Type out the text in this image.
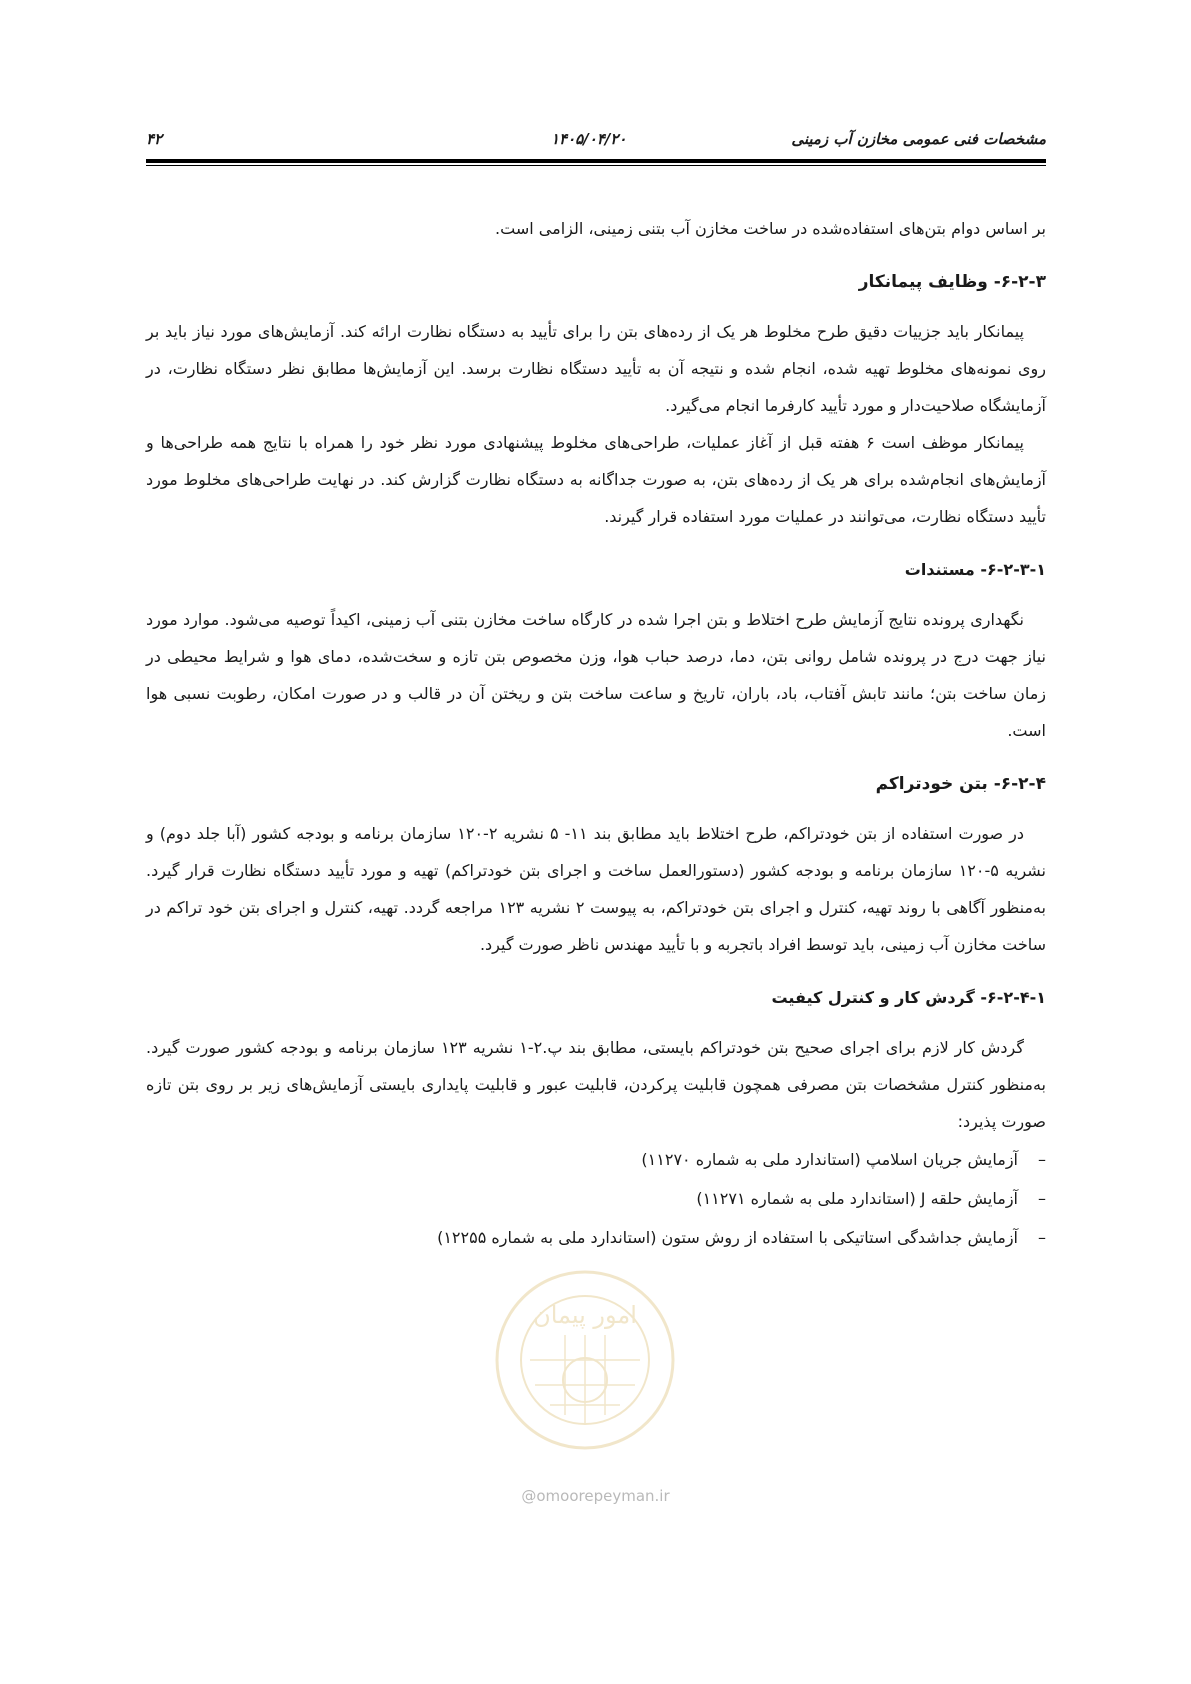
مشخصات فنی عمومی مخازن آب زمینی
۱۴۰۵/۰۴/۲۰
۴۲

بر اساس دوام بتن‌های استفاده‌شده در ساخت مخازن آب بتنی زمینی، الزامی است.

۶-۲-۳- وظایف پیمانکار

پیمانکار باید جزییات دقیق طرح مخلوط هر یک از رده‌های بتن را برای تأیید به دستگاه نظارت ارائه کند. آزمایش‌های مورد نیاز باید بر روی نمونه‌های مخلوط تهیه شده، انجام شده و نتیجه آن به تأیید دستگاه نظارت برسد. این آزمایش‌ها مطابق نظر دستگاه نظارت، در آزمایشگاه صلاحیت‌دار و مورد تأیید کارفرما انجام می‌گیرد.

پیمانکار موظف است ۶ هفته قبل از آغاز عملیات، طراحی‌های مخلوط پیشنهادی مورد نظر خود را همراه با نتایج همه طراحی‌ها و آزمایش‌های انجام‌شده برای هر یک از رده‌های بتن، به صورت جداگانه به دستگاه نظارت گزارش کند. در نهایت طراحی‌های مخلوط مورد تأیید دستگاه نظارت، می‌توانند در عملیات مورد استفاده قرار گیرند.

۶-۲-۳-۱- مستندات

نگهداری پرونده نتایج آزمایش طرح اختلاط و بتن اجرا شده در کارگاه ساخت مخازن بتنی آب زمینی، اکیداً توصیه می‌شود. موارد مورد نیاز جهت درج در پرونده شامل روانی بتن، دما، درصد حباب هوا، وزن مخصوص بتن تازه و سخت‌شده، دمای هوا و شرایط محیطی در زمان ساخت بتن؛ مانند تابش آفتاب، باد، باران، تاریخ و ساعت ساخت بتن و ریختن آن در قالب و در صورت امکان، رطوبت نسبی هوا است.

۶-۲-۴- بتن خودتراکم

در صورت استفاده از بتن خودتراکم، طرح اختلاط باید مطابق بند ۱۱- ۵ نشریه ۲-۱۲۰ سازمان برنامه و بودجه کشور (آبا جلد دوم) و نشریه ۵-۱۲۰ سازمان برنامه و بودجه کشور (دستورالعمل ساخت و اجرای بتن خودتراکم) تهیه و مورد تأیید دستگاه نظارت قرار گیرد. به‌منظور آگاهی با روند تهیه، کنترل و اجرای بتن خودتراکم، به پیوست ۲ نشریه ۱۲۳ مراجعه گردد. تهیه، کنترل و اجرای بتن خود تراکم در ساخت مخازن آب زمینی، باید توسط افراد باتجربه و با تأیید مهندس ناظر صورت گیرد.

۶-۲-۴-۱- گردش کار و کنترل کیفیت

گردش کار لازم برای اجرای صحیح بتن خودتراکم بایستی، مطابق بند پ.۲-۱ نشریه ۱۲۳ سازمان برنامه و بودجه کشور صورت گیرد. به‌منظور کنترل مشخصات بتن مصرفی همچون قابلیت پرکردن، قابلیت عبور و قابلیت پایداری بایستی آزمایش‌های زیر بر روی بتن تازه صورت پذیرد:

–
آزمایش جریان اسلامپ (استاندارد ملی به شماره ۱۱۲۷۰)
–
آزمایش حلقه J (استاندارد ملی به شماره ۱۱۲۷۱)
–
آزمایش جداشدگی استاتیکی با استفاده از روش ستون (استاندارد ملی به شماره ۱۲۲۵۵)
امور پیمان
@omoorepeyman.ir
